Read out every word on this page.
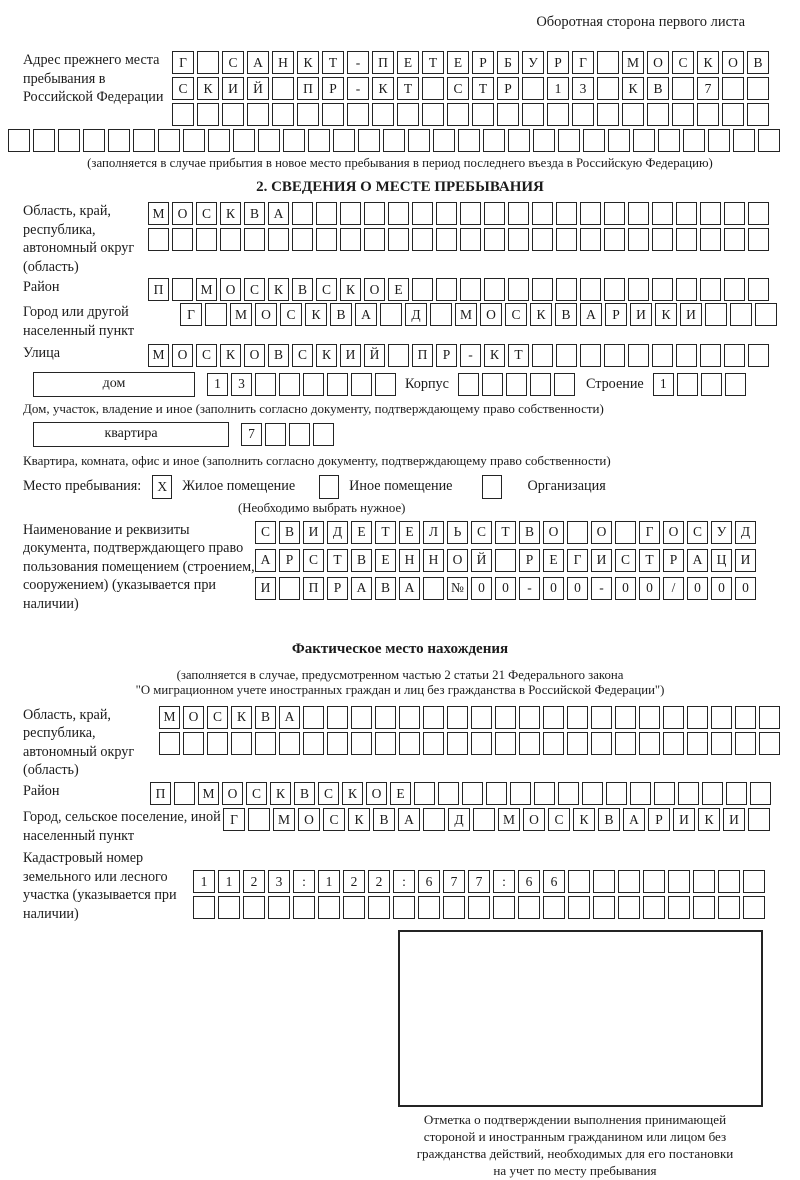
Оборотная сторона первого листа
Адрес прежнего места пребывания в Российской Федерации
Г	С	А	Н	К	Т	-	П	Е	Т	Е	Р	Б	У	Р	Г	М	О	С	К	О	В
С	К	И	Й	П	Р	-	К	Т	С	Т	Р	1	3	К	В	7
(заполняется в случае прибытия в новое место пребывания в период последнего въезда в Российскую Федерацию)
2. СВЕДЕНИЯ О МЕСТЕ ПРЕБЫВАНИЯ
Область, край, республика, автономный округ (область)
М О	С	К	В	А
Район	П	М О	С	К	В	С	К	О	Е
Город или другой населенный пункт
Г	М	О	С	К	В	А	Д	М	О	С	К	В	А	Р	И	К	И
Улица	М О	С	К	О	В	С	К	И	Й	П	Р	-	К	Т
дом	1	3	Корпус	Строение	1
Дом, участок, владение и иное (заполнить согласно документу, подтверждающему право собственности)
квартира	7
Квартира, комната, офис и иное (заполнить согласно документу, подтверждающему право собственности)
Место пребывания:	X	Жилое помещение	Иное помещение	Организация
(Необходимо выбрать нужное)
Наименование и реквизиты документа, подтверждающего право пользования помещением (строением, сооружением) (указывается при наличии)
С	В	И	Д	Е	Т	Е	Л	Ь	С	Т	В	О	О	Г	О	С	У	Д
А	Р	С	Т	В	Е	Н	Н	О	Й	Р	Е	Г	И	С	Т	Р	А	Ц	И
И	П	Р	А	В	А	№	0	0	-	0	0	-	0	0	/	0	0	0
Фактическое место нахождения
(заполняется в случае, предусмотренном частью 2 статьи 21 Федерального закона
"О миграционном учете иностранных граждан и лиц без гражданства в Российской Федерации")
Область, край, республика, автономный округ (область)
М О	С	К	В	А
Район	П	М О	С	К	В	С	К	О	Е
Город, сельское поселение, иной населенный пункт
Г	М	О	С	К	В	А	Д	М	О	С	К	В	А	Р	И	К	И
Кадастровый номер земельного или лесного участка (указывается при наличии)
1	1	2	3	:	1	2	2	:	6	7	7	:	6	6
Отметка о подтверждении выполнения принимающей
стороной и иностранным гражданином или лицом без
гражданства действий, необходимых для его постановки
на учет по месту пребывания
